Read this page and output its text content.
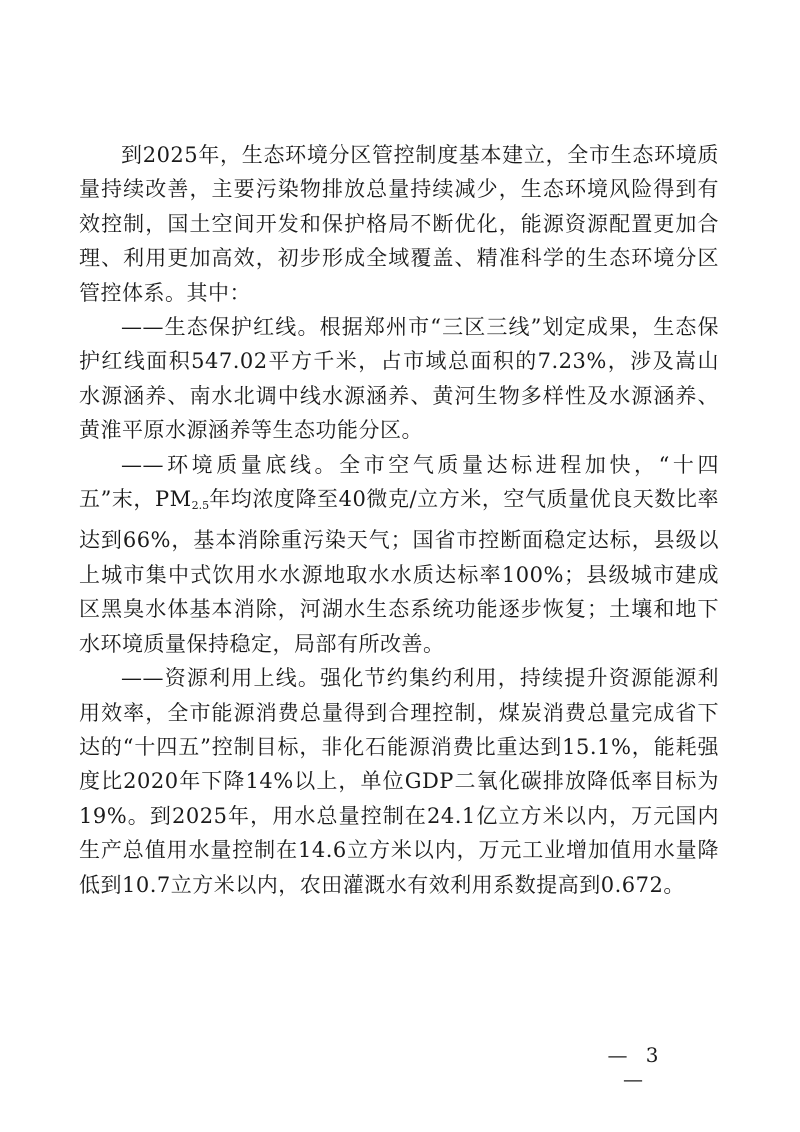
到2025年，生态环境分区管控制度基本建立，全市生态环境质量持续改善，主要污染物排放总量持续减少，生态环境风险得到有效控制，国土空间开发和保护格局不断优化，能源资源配置更加合理、利用更加高效，初步形成全域覆盖、精准科学的生态环境分区管控体系。其中：

——生态保护红线。根据郑州市“三区三线”划定成果，生态保护红线面积547.02平方千米，占市域总面积的7.23%，涉及嵩山水源涵养、南水北调中线水源涵养、黄河生物多样性及水源涵养、黄淮平原水源涵养等生态功能分区。

——环境质量底线。全市空气质量达标进程加快，“十四五”末，$PM_{2.5}$年均浓度降至40微克/立方米，空气质量优良天数比率达到66%，基本消除重污染天气；国省市控断面稳定达标，县级以上城市集中式饮用水水源地取水水质达标率100%；县级城市建成区黑臭水体基本消除，河湖水生态系统功能逐步恢复；土壤和地下水环境质量保持稳定，局部有所改善。

——资源利用上线。强化节约集约利用，持续提升资源能源利用效率，全市能源消费总量得到合理控制，煤炭消费总量完成省下达的“十四五”控制目标，非化石能源消费比重达到15.1%，能耗强度比2020年下降14%以上，单位GDP二氧化碳排放降低率目标为19%。到2025年，用水总量控制在24.1亿立方米以内，万元国内生产总值用水量控制在14.6立方米以内，万元工业增加值用水量降低到10.7立方米以内，农田灌溉水有效利用系数提高到0.672。

— 3 —
